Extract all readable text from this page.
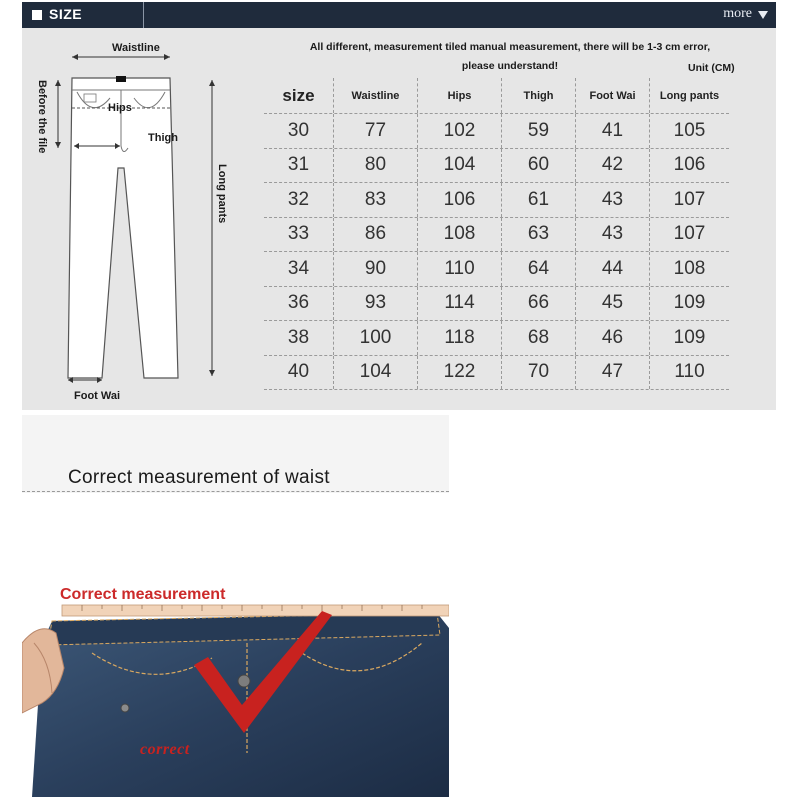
SIZE	more
Waistline
Hips
Thigh
Before the file
Long pants
Foot Wai
All different, measurement tiled manual measurement, there will be 1-3 cm error,
please understand!	Unit (CM)
size	Waistline	Hips	Thigh	Foot Wai	Long pants
30	77	102	59	41	105
31	80	104	60	42	106
32	83	106	61	43	107
33	86	108	63	43	107
34	90	110	64	44	108
36	93	114	66	45	109
38	100	118	68	46	109
40	104	122	70	47	110
Correct measurement of waist
Correct measurement
correct
